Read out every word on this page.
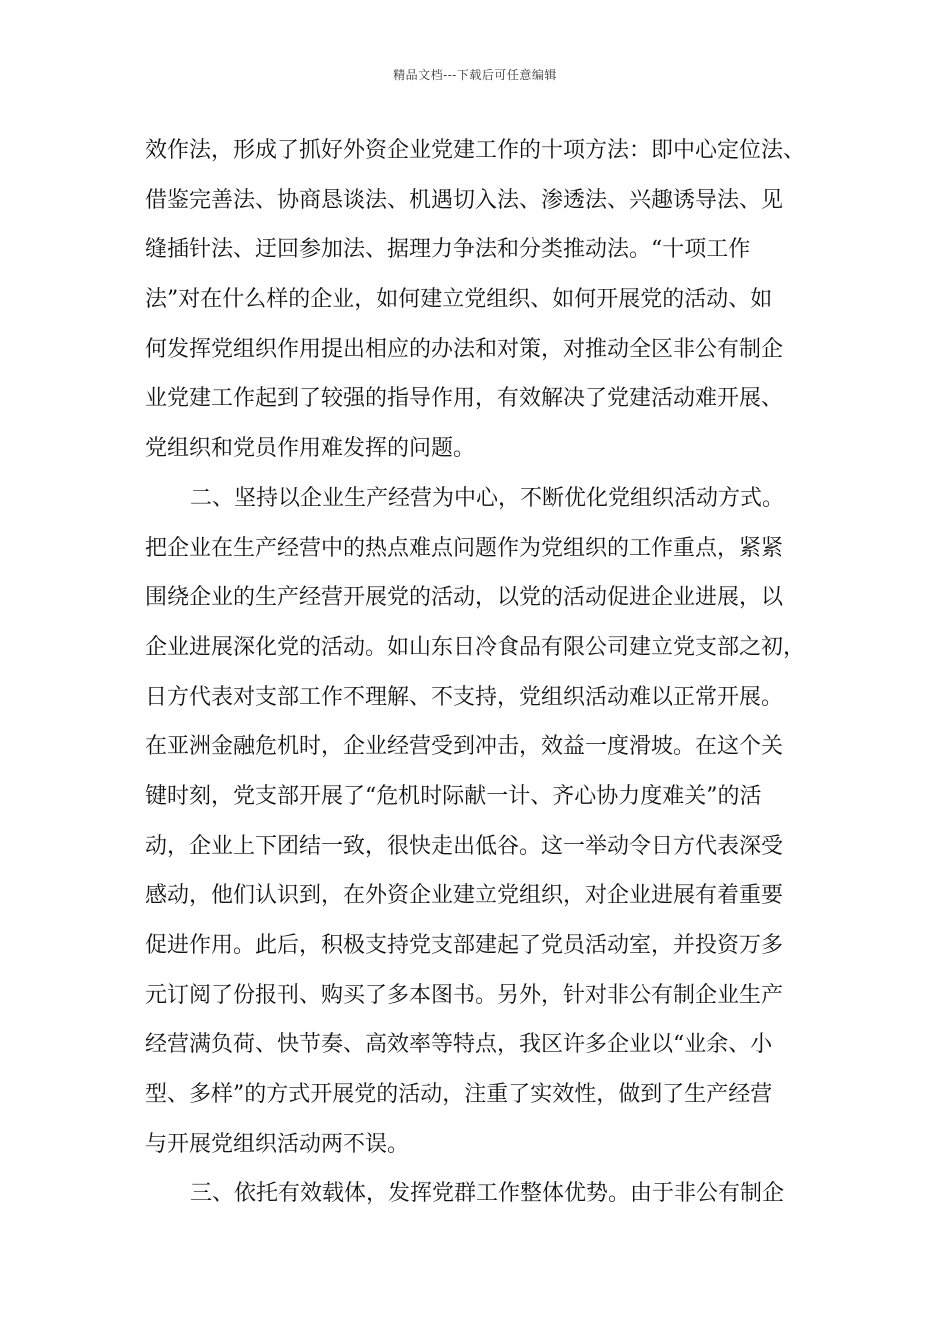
精品文档---下载后可任意编辑
效作法，形成了抓好外资企业党建工作的十项方法：即中心定位法、
借鉴完善法、协商恳谈法、机遇切入法、渗透法、兴趣诱导法、见
缝插针法、迂回参加法、据理力争法和分类推动法。“十项工作
法”对在什么样的企业，如何建立党组织、如何开展党的活动、如
何发挥党组织作用提出相应的办法和对策，对推动全区非公有制企
业党建工作起到了较强的指导作用，有效解决了党建活动难开展、
党组织和党员作用难发挥的问题。
二、坚持以企业生产经营为中心，不断优化党组织活动方式。
把企业在生产经营中的热点难点问题作为党组织的工作重点，紧紧
围绕企业的生产经营开展党的活动，以党的活动促进企业进展，以
企业进展深化党的活动。如山东日冷食品有限公司建立党支部之初，
日方代表对支部工作不理解、不支持，党组织活动难以正常开展。
在亚洲金融危机时，企业经营受到冲击，效益一度滑坡。在这个关
键时刻，党支部开展了“危机时际献一计、齐心协力度难关”的活
动，企业上下团结一致，很快走出低谷。这一举动令日方代表深受
感动，他们认识到，在外资企业建立党组织，对企业进展有着重要
促进作用。此后，积极支持党支部建起了党员活动室，并投资万多
元订阅了份报刊、购买了多本图书。另外，针对非公有制企业生产
经营满负荷、快节奏、高效率等特点，我区许多企业以“业余、小
型、多样”的方式开展党的活动，注重了实效性，做到了生产经营
与开展党组织活动两不误。
三、依托有效载体，发挥党群工作整体优势。由于非公有制企
